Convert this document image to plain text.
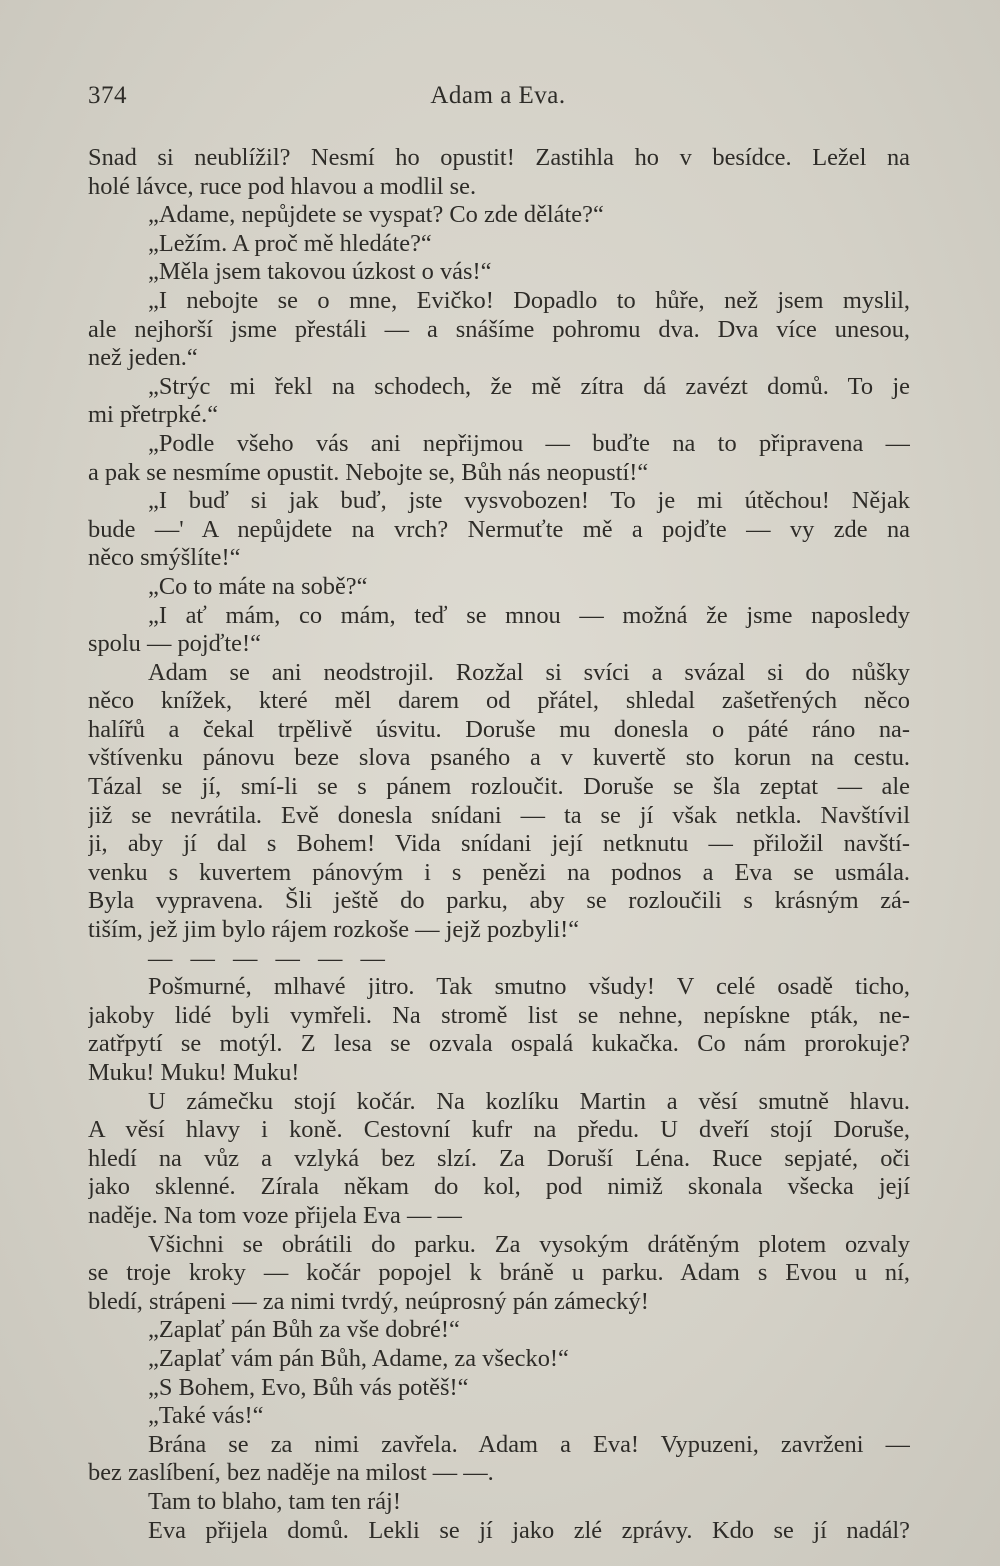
374	Adam a Eva.
Snad si neublížil? Nesmí ho opustit! Zastihla ho v besídce. Ležel na
holé lávce, ruce pod hlavou a modlil se.
„Adame, nepůjdete se vyspat? Co zde děláte?“
„Ležím. A proč mě hledáte?“
„Měla jsem takovou úzkost o vás!“
„I nebojte se o mne, Evičko! Dopadlo to hůře, než jsem myslil,
ale nejhorší jsme přestáli — a snášíme pohromu dva. Dva více unesou,
než jeden.“
„Strýc mi řekl na schodech, že mě zítra dá zavézt domů. To je
mi přetrpké.“
„Podle všeho vás ani nepřijmou — buďte na to připravena —
a pak se nesmíme opustit. Nebojte se, Bůh nás neopustí!“
„I buď si jak buď, jste vysvobozen! To je mi útěchou! Nějak
bude —' A nepůjdete na vrch? Nermuťte mě a pojďte — vy zde na
něco smýšlíte!“
„Co to máte na sobě?“
„I ať mám, co mám, teď se mnou — možná že jsme naposledy
spolu — pojďte!“
Adam se ani neodstrojil. Rozžal si svíci a svázal si do nůšky
něco knížek, které měl darem od přátel, shledal zašetřených něco
halířů a čekal trpělivě úsvitu. Doruše mu donesla o páté ráno na-
vštívenku pánovu beze slova psaného a v kuvertě sto korun na cestu.
Tázal se jí, smí-li se s pánem rozloučit. Doruše se šla zeptat — ale
již se nevrátila. Evě donesla snídani — ta se jí však netkla. Navštívil
ji, aby jí dal s Bohem! Vida snídani její netknutu — přiložil navští-
venku s kuvertem pánovým i s penězi na podnos a Eva se usmála.
Byla vypravena. Šli ještě do parku, aby se rozloučili s krásným zá-
tiším, jež jim bylo rájem rozkoše — jejž pozbyli!“
— — — — — —
Pošmurné, mlhavé jitro. Tak smutno všudy! V celé osadě ticho,
jakoby lidé byli vymřeli. Na stromě list se nehne, nepískne pták, ne-
zatřpytí se motýl. Z lesa se ozvala ospalá kukačka. Co nám prorokuje?
Muku! Muku! Muku!
U zámečku stojí kočár. Na kozlíku Martin a věsí smutně hlavu.
A věsí hlavy i koně. Cestovní kufr na předu. U dveří stojí Doruše,
hledí na vůz a vzlyká bez slzí. Za Doruší Léna. Ruce sepjaté, oči
jako sklenné. Zírala někam do kol, pod nimiž skonala všecka její
naděje. Na tom voze přijela Eva — —
Všichni se obrátili do parku. Za vysokým drátěným plotem ozvaly
se troje kroky — kočár popojel k bráně u parku. Adam s Evou u ní,
bledí, strápeni — za nimi tvrdý, neúprosný pán zámecký!
„Zaplať pán Bůh za vše dobré!“
„Zaplať vám pán Bůh, Adame, za všecko!“
„S Bohem, Evo, Bůh vás potěš!“
„Také vás!“
Brána se za nimi zavřela. Adam a Eva! Vypuzeni, zavrženi —
bez zaslíbení, bez naděje na milost — —.
Tam to blaho, tam ten ráj!
Eva přijela domů. Lekli se jí jako zlé zprávy. Kdo se jí nadál?
